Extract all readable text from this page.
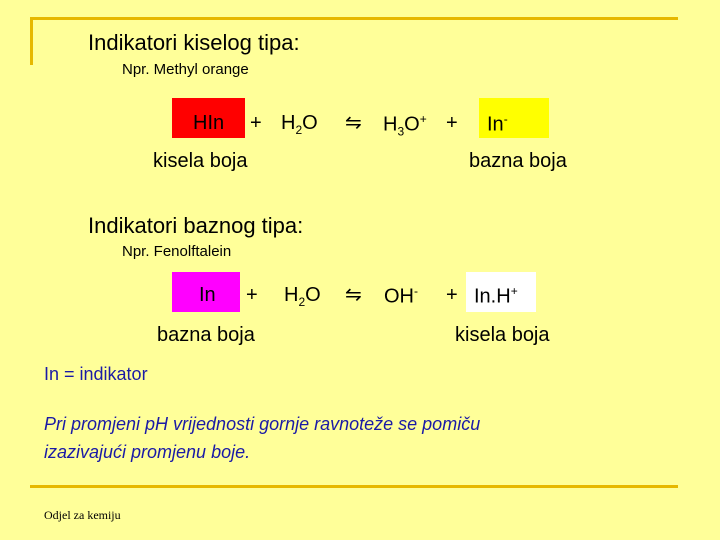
Indikatori kiselog tipa:
Npr. Methyl orange
HIn + $H_2O$ ⇋ $H_3O^+ + In^-$
kisela boja	bazna boja
Indikatori baznog tipa:
Npr. Fenolftalein
$In + H_2O$ ⇋ OH- + In.H+
bazna boja	kisela boja
In = indikator
Pri promjeni pH vrijednosti gornje ravnoteže se pomiču
izazivajući promjenu boje.
Odjel za kemiju
